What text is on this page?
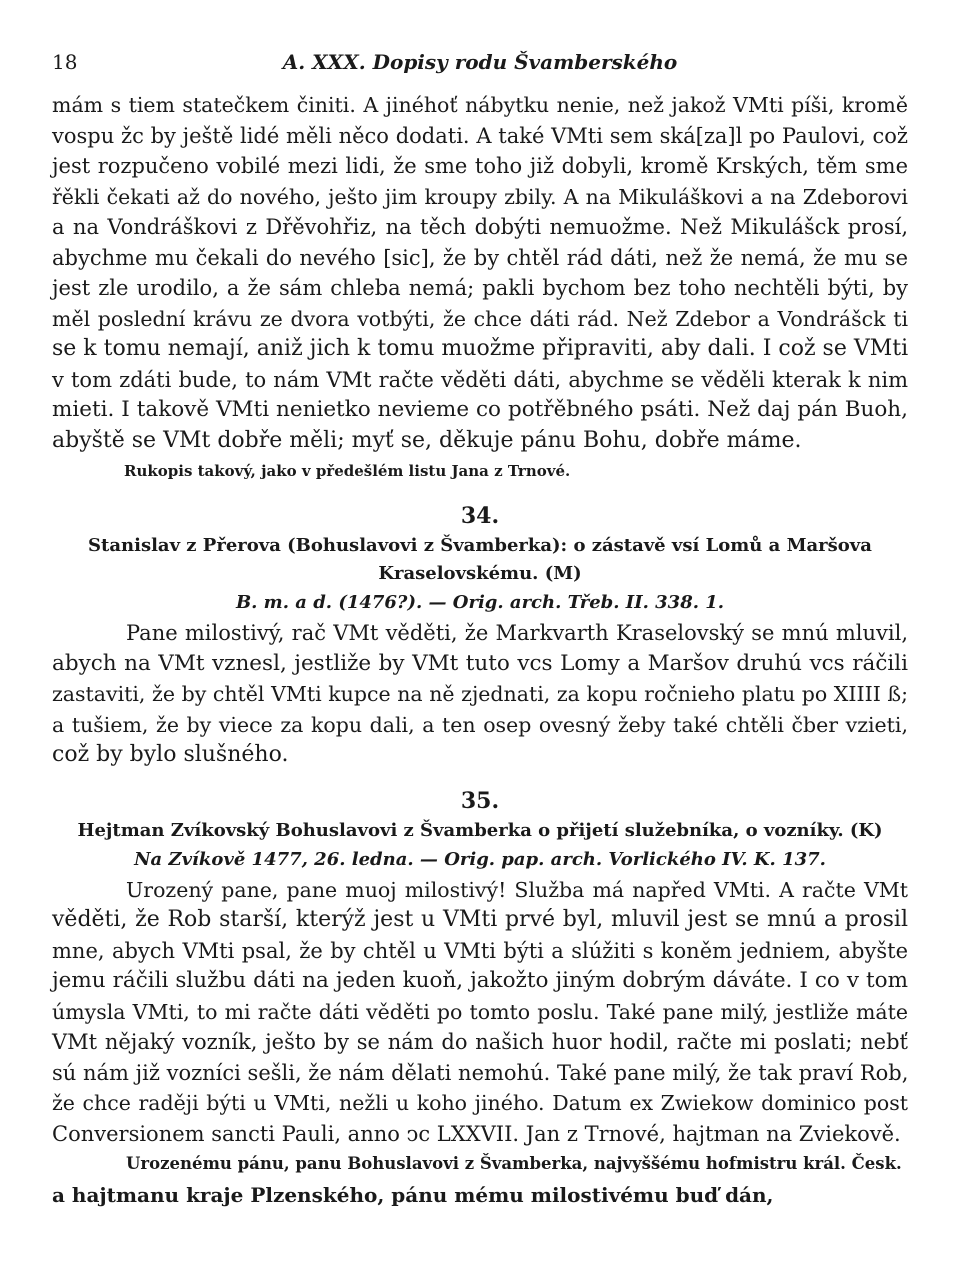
18	A. XXX. Dopisy rodu Švamberského
mám s tiem statečkem činiti. A jinéhoť nábytku nenie, než jakož VMti píši, kromě
vospu žc by ještě lidé měli něco dodati. A také VMti sem ská[za]l po Paulovi, což
jest rozpučeno vobilé mezi lidi, že sme toho již dobyli, kromě Krských, těm sme
řěkli čekati až do nového, ješto jim kroupy zbily. A na Mikuláškovi a na Zdeborovi
a na Vondráškovi z Dřěvohřiz, na těch dobýti nemuožme. Než Mikulášck prosí,
abychme mu čekali do nevého [sic], že by chtěl rád dáti, než že nemá, že mu se
jest zle urodilo, a že sám chleba nemá; pakli bychom bez toho nechtěli býti, by
měl poslední krávu ze dvora votbýti, že chce dáti rád. Než Zdebor a Vondrášck ti
se k tomu nemají, aniž jich k tomu muožme připraviti, aby dali. I což se VMti
v tom zdáti bude, to nám VMt račte věděti dáti, abychme se věděli kterak k nim
mieti. I takově VMti nenietko nevieme co potřěbného psáti. Než daj pán Buoh,
abyště se VMt dobře měli; myť se, děkuje pánu Bohu, dobře máme.
Rukopis takový, jako v předešlém listu Jana z Trnové.
34.
Stanislav z Přerova (Bohuslavovi z Švamberka): o zástavě vsí Lomů a Maršova
Kraselovskému. (M)
B. m. a d. (1476?). — Orig. arch. Třeb. II. 338. 1.
Pane milostivý, rač VMt věděti, že Markvarth Kraselovský se mnú mluvil,
abych na VMt vznesl, jestliže by VMt tuto vcs Lomy a Maršov druhú vcs ráčili
zastaviti, že by chtěl VMti kupce na ně zjednati, za kopu ročnieho platu po XIIII ß;
a tušiem, že by viece za kopu dali, a ten osep ovesný žeby také chtěli čber vzieti,
což by bylo slušného.
35.
Hejtman Zvíkovský Bohuslavovi z Švamberka o přijetí služebníka, o vozníky. (K)
Na Zvíkově 1477, 26. ledna. — Orig. pap. arch. Vorlického IV. K. 137.
Urozený pane, pane muoj milostivý! Služba má napřed VMti. A račte VMt
věděti, že Rob starší, kterýž jest u VMti prvé byl, mluvil jest se mnú a prosil
mne, abych VMti psal, že by chtěl u VMti býti a slúžiti s koněm jedniem, abyšte
jemu ráčili službu dáti na jeden kuoň, jakožto jiným dobrým dáváte. I co v tom
úmysla VMti, to mi račte dáti věděti po tomto poslu. Také pane milý, jestliže máte
VMt nějaký vozník, ješto by se nám do našich huor hodil, račte mi poslati; nebť
sú nám již vozníci sešli, že nám dělati nemohú. Také pane milý, že tak praví Rob,
že chce raději býti u VMti, nežli u koho jiného. Datum ex Zwiekow dominico post
Conversionem sancti Pauli, anno ↄc LXXVII. Jan z Trnové, hajtman na Zviekově.
Urozenému pánu, panu Bohuslavovi z Švamberka, najvyššému hofmistru král. Česk.
a hajtmanu kraje Plzenského, pánu mému milostivému buď dán,
